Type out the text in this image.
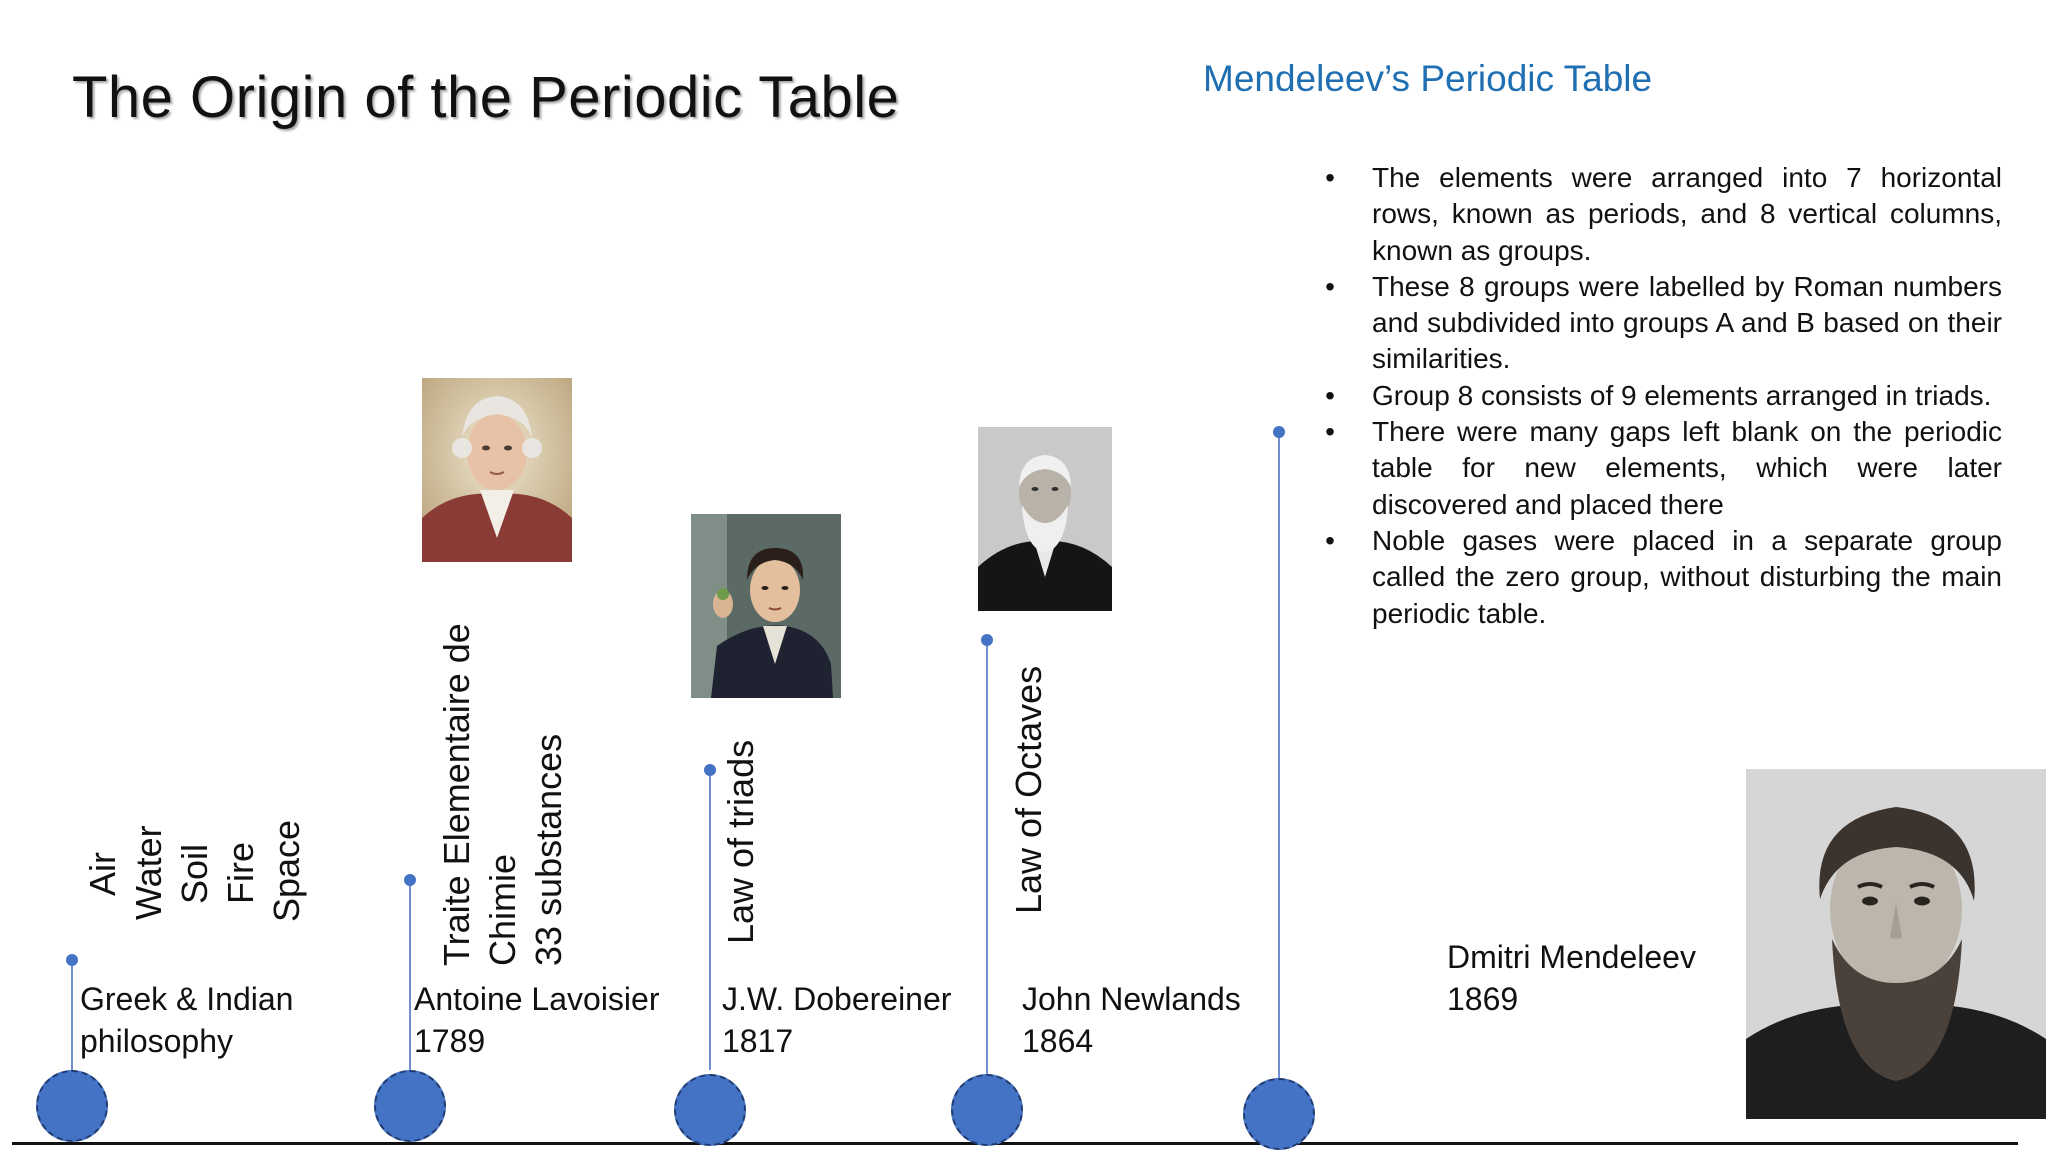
The Origin of the Periodic Table	Mendeleev’s Periodic Table
• The elements were arranged into 7 horizontal rows, known as periods, and 8 vertical columns, known as groups.
• These 8 groups were labelled by Roman numbers and subdivided into groups A and B based on their similarities.
• Group 8 consists of 9 elements arranged in triads.
• There were many gaps left blank on the periodic table for new elements, which were later discovered and placed there
• Noble gases were placed in a separate group called the zero group, without disturbing the main periodic table.
Greek & Indian
philosophy
Air Water Soil Fire Space
Antoine Lavoisier
1789
Traite Elementaire de Chimie 33 substances
J.W. Dobereiner
1817
Law of triads
John Newlands
1864
Law of Octaves
Dmitri Mendeleev
1869
